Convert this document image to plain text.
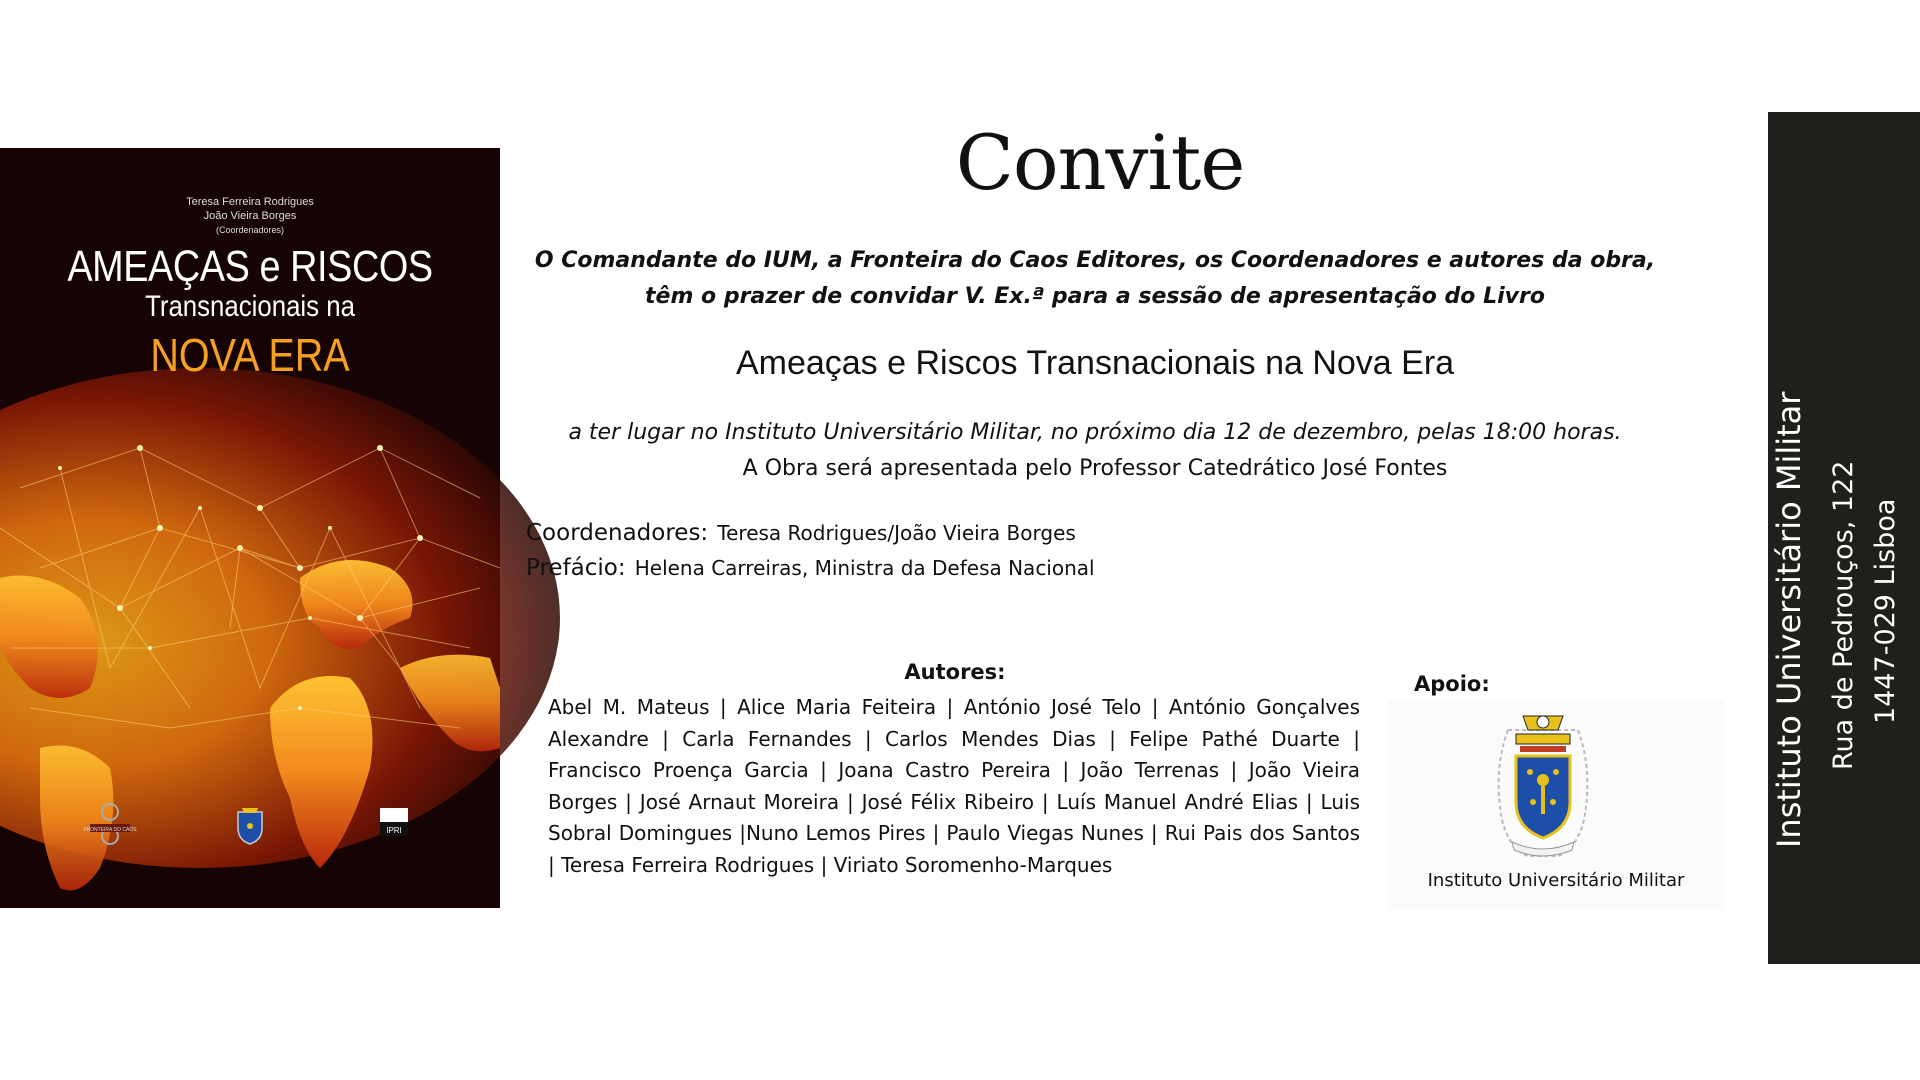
Teresa Ferreira Rodrigues
João Vieira Borges
(Coordenadores)
AMEAÇAS e RISCOS
Transnacionais na
NOVA ERA
FRONTEIRA DO CAOS	IPRI
Convite
O Comandante do IUM, a Fronteira do Caos Editores, os Coordenadores e autores da obra,
têm o prazer de convidar V. Ex.ª para a sessão de apresentação do Livro
Ameaças e Riscos Transnacionais na Nova Era
a ter lugar no Instituto Universitário Militar, no próximo dia 12 de dezembro, pelas 18:00 horas.
A Obra será apresentada pelo Professor Catedrático José Fontes
Coordenadores: Teresa Rodrigues/João Vieira Borges
Prefácio: Helena Carreiras, Ministra da Defesa Nacional
Autores:
Abel M. Mateus | Alice Maria Feiteira | António José Telo | António Gonçalves Alexandre | Carla Fernandes | Carlos Mendes Dias | Felipe Pathé Duarte | Francisco Proença Garcia | Joana Castro Pereira | João Terrenas | João Vieira Borges | José Arnaut Moreira | José Félix Ribeiro | Luís Manuel André Elias | Luis Sobral Domingues |Nuno Lemos Pires | Paulo Viegas Nunes | Rui Pais dos Santos | Teresa Ferreira Rodrigues | Viriato Soromenho-Marques
Apoio:
Instituto Universitário Militar
Instituto Universitário Militar Rua de Pedrouços, 122 1447-029 Lisboa
